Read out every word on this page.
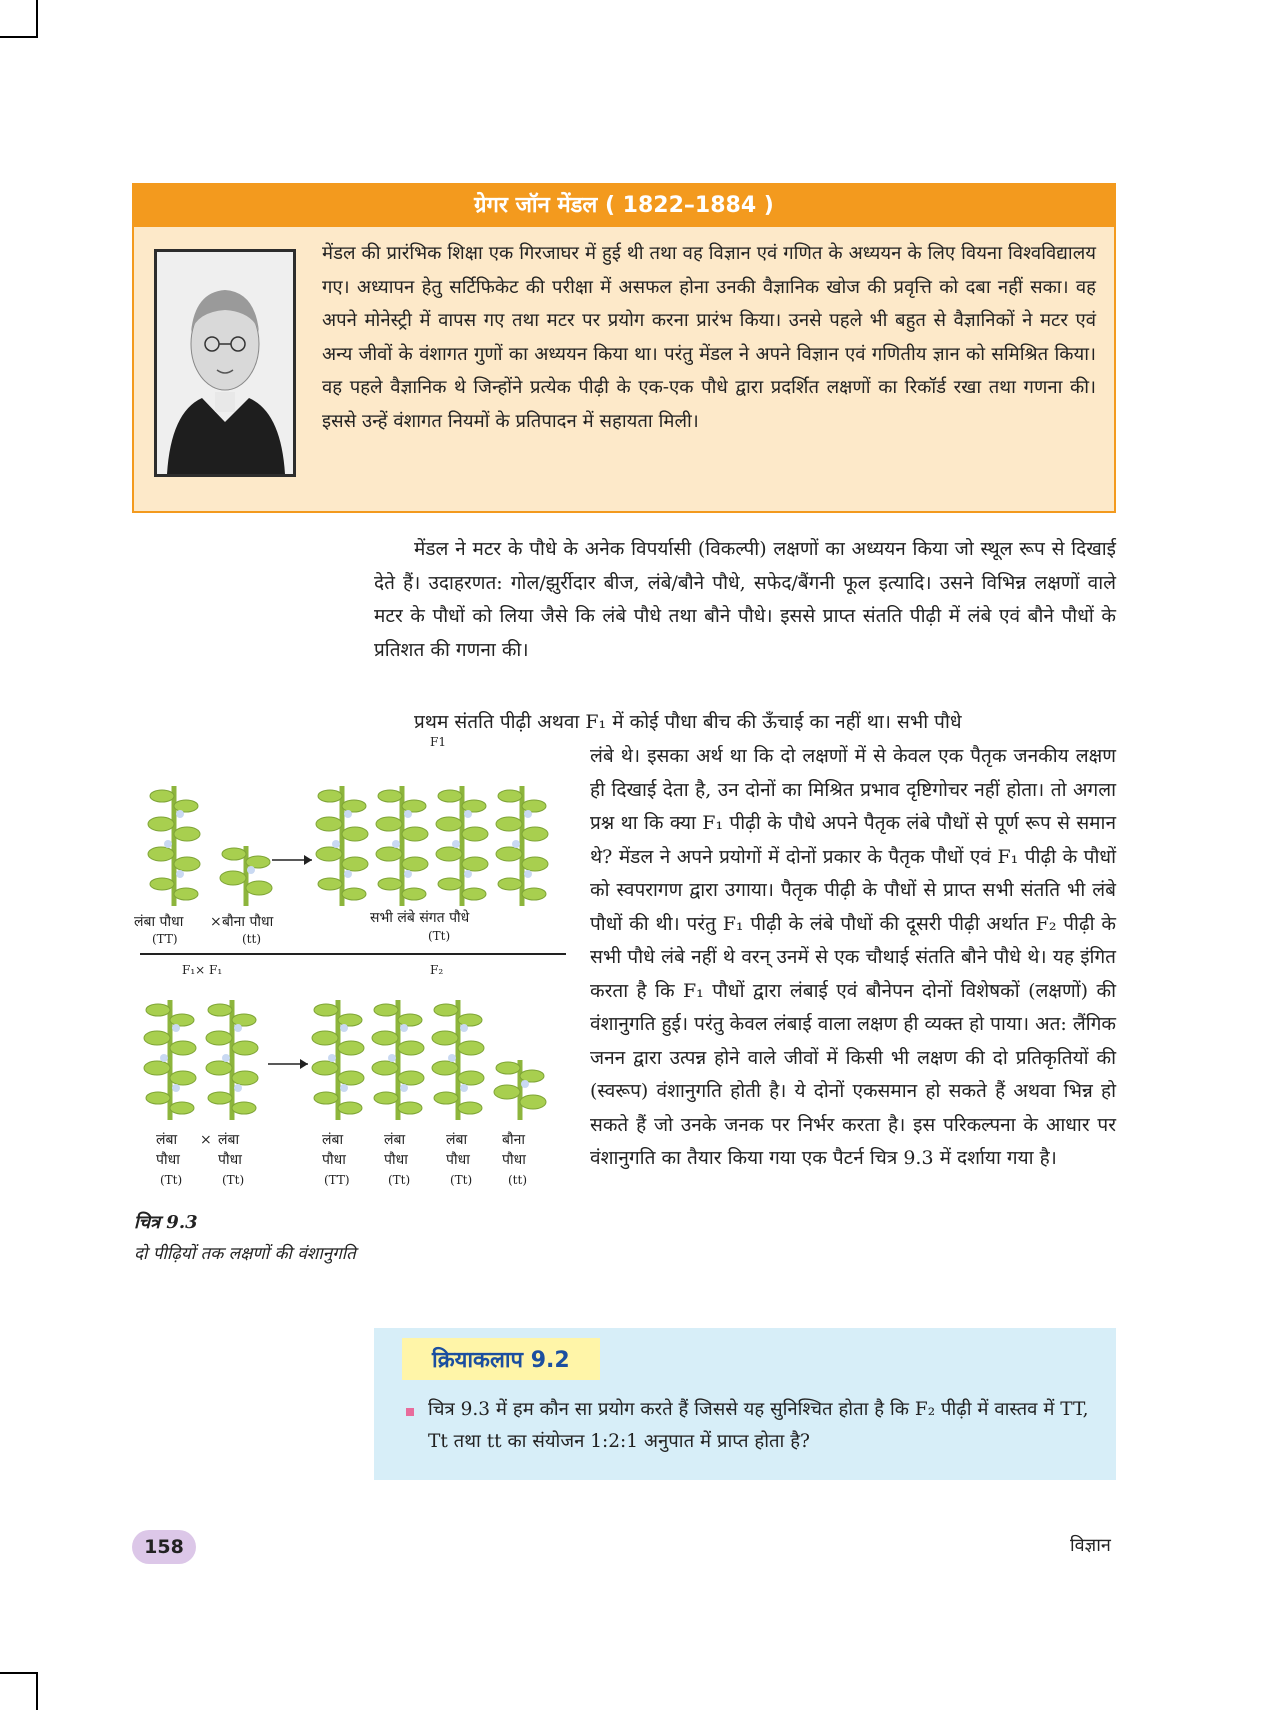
ग्रेगर जॉन मेंडल ( 1822–1884 )
मेंडल की प्रारंभिक शिक्षा एक गिरजाघर में हुई थी तथा वह विज्ञान एवं गणित के अध्ययन के लिए वियना विश्वविद्यालय गए। अध्यापन हेतु सर्टिफिकेट की परीक्षा में असफल होना उनकी वैज्ञानिक खोज की प्रवृत्ति को दबा नहीं सका। वह अपने मोनेस्ट्री में वापस गए तथा मटर पर प्रयोग करना प्रारंभ किया। उनसे पहले भी बहुत से वैज्ञानिकों ने मटर एवं अन्य जीवों के वंशागत गुणों का अध्ययन किया था। परंतु मेंडल ने अपने विज्ञान एवं गणितीय ज्ञान को समिश्रित किया। वह पहले वैज्ञानिक थे जिन्होंने प्रत्येक पीढ़ी के एक-एक पौधे द्वारा प्रदर्शित लक्षणों का रिकॉर्ड रखा तथा गणना की। इससे उन्हें वंशागत नियमों के प्रतिपादन में सहायता मिली।

मेंडल ने मटर के पौधे के अनेक विपर्यासी (विकल्पी) लक्षणों का अध्ययन किया जो स्थूल रूप से दिखाई देते हैं। उदाहरणत: गोल/झुर्रीदार बीज, लंबे/बौने पौधे, सफेद/बैंगनी फूल इत्यादि। उसने विभिन्न लक्षणों वाले मटर के पौधों को लिया जैसे कि लंबे पौधे तथा बौने पौधे। इससे प्राप्त संतति पीढ़ी में लंबे एवं बौने पौधों के प्रतिशत की गणना की।

प्रथम संतति पीढ़ी अथवा F₁ में कोई पौधा बीच की ऊँचाई का नहीं था। सभी पौधे

लंबे थे। इसका अर्थ था कि दो लक्षणों में से केवल एक पैतृक जनकीय लक्षण ही दिखाई देता है, उन दोनों का मिश्रित प्रभाव दृष्टिगोचर नहीं होता। तो अगला प्रश्न था कि क्या F₁ पीढ़ी के पौधे अपने पैतृक लंबे पौधों से पूर्ण रूप से समान थे? मेंडल ने अपने प्रयोगों में दोनों प्रकार के पैतृक पौधों एवं F₁ पीढ़ी के पौधों को स्वपरागण द्वारा उगाया। पैतृक पीढ़ी के पौधों से प्राप्त सभी संतति भी लंबे पौधों की थी। परंतु F₁ पीढ़ी के लंबे पौधों की दूसरी पीढ़ी अर्थात F₂ पीढ़ी के सभी पौधे लंबे नहीं थे वरन् उनमें से एक चौथाई संतति बौने पौधे थे। यह इंगित करता है कि F₁ पौधों द्वारा लंबाई एवं बौनेपन दोनों विशेषकों (लक्षणों) की वंशानुगति हुई। परंतु केवल लंबाई वाला लक्षण ही व्यक्त हो पाया। अत: लैंगिक जनन द्वारा उत्पन्न होने वाले जीवों में किसी भी लक्षण की दो प्रतिकृतियों की (स्वरूप) वंशानुगति होती है। ये दोनों एकसमान हो सकते हैं अथवा भिन्न हो सकते हैं जो उनके जनक पर निर्भर करता है। इस परिकल्पना के आधार पर वंशानुगति का तैयार किया गया एक पैटर्न चित्र 9.3 में दर्शाया गया है।

F1
लंबा पौधा × बौना पौधा
(TT)	(tt)
सभी लंबे संगत पौधे
(Tt)
F₁× F₁	F₂
लंबा × लंबा
पौधा	पौधा
(Tt)	(Tt)
लंबा	लंबा	लंबा बौना
पौधा	पौधा	पौधा पौधा
(TT)	(Tt)	(Tt)	(tt)

चित्र 9.3

दो पीढ़ियों तक लक्षणों की वंशानुगति

क्रियाकलाप 9.2

चित्र 9.3 में हम कौन सा प्रयोग करते हैं जिससे यह सुनिश्चित होता है कि F₂ पीढ़ी में वास्तव में TT, Tt तथा tt का संयोजन 1:2:1 अनुपात में प्राप्त होता है?

158	विज्ञान
